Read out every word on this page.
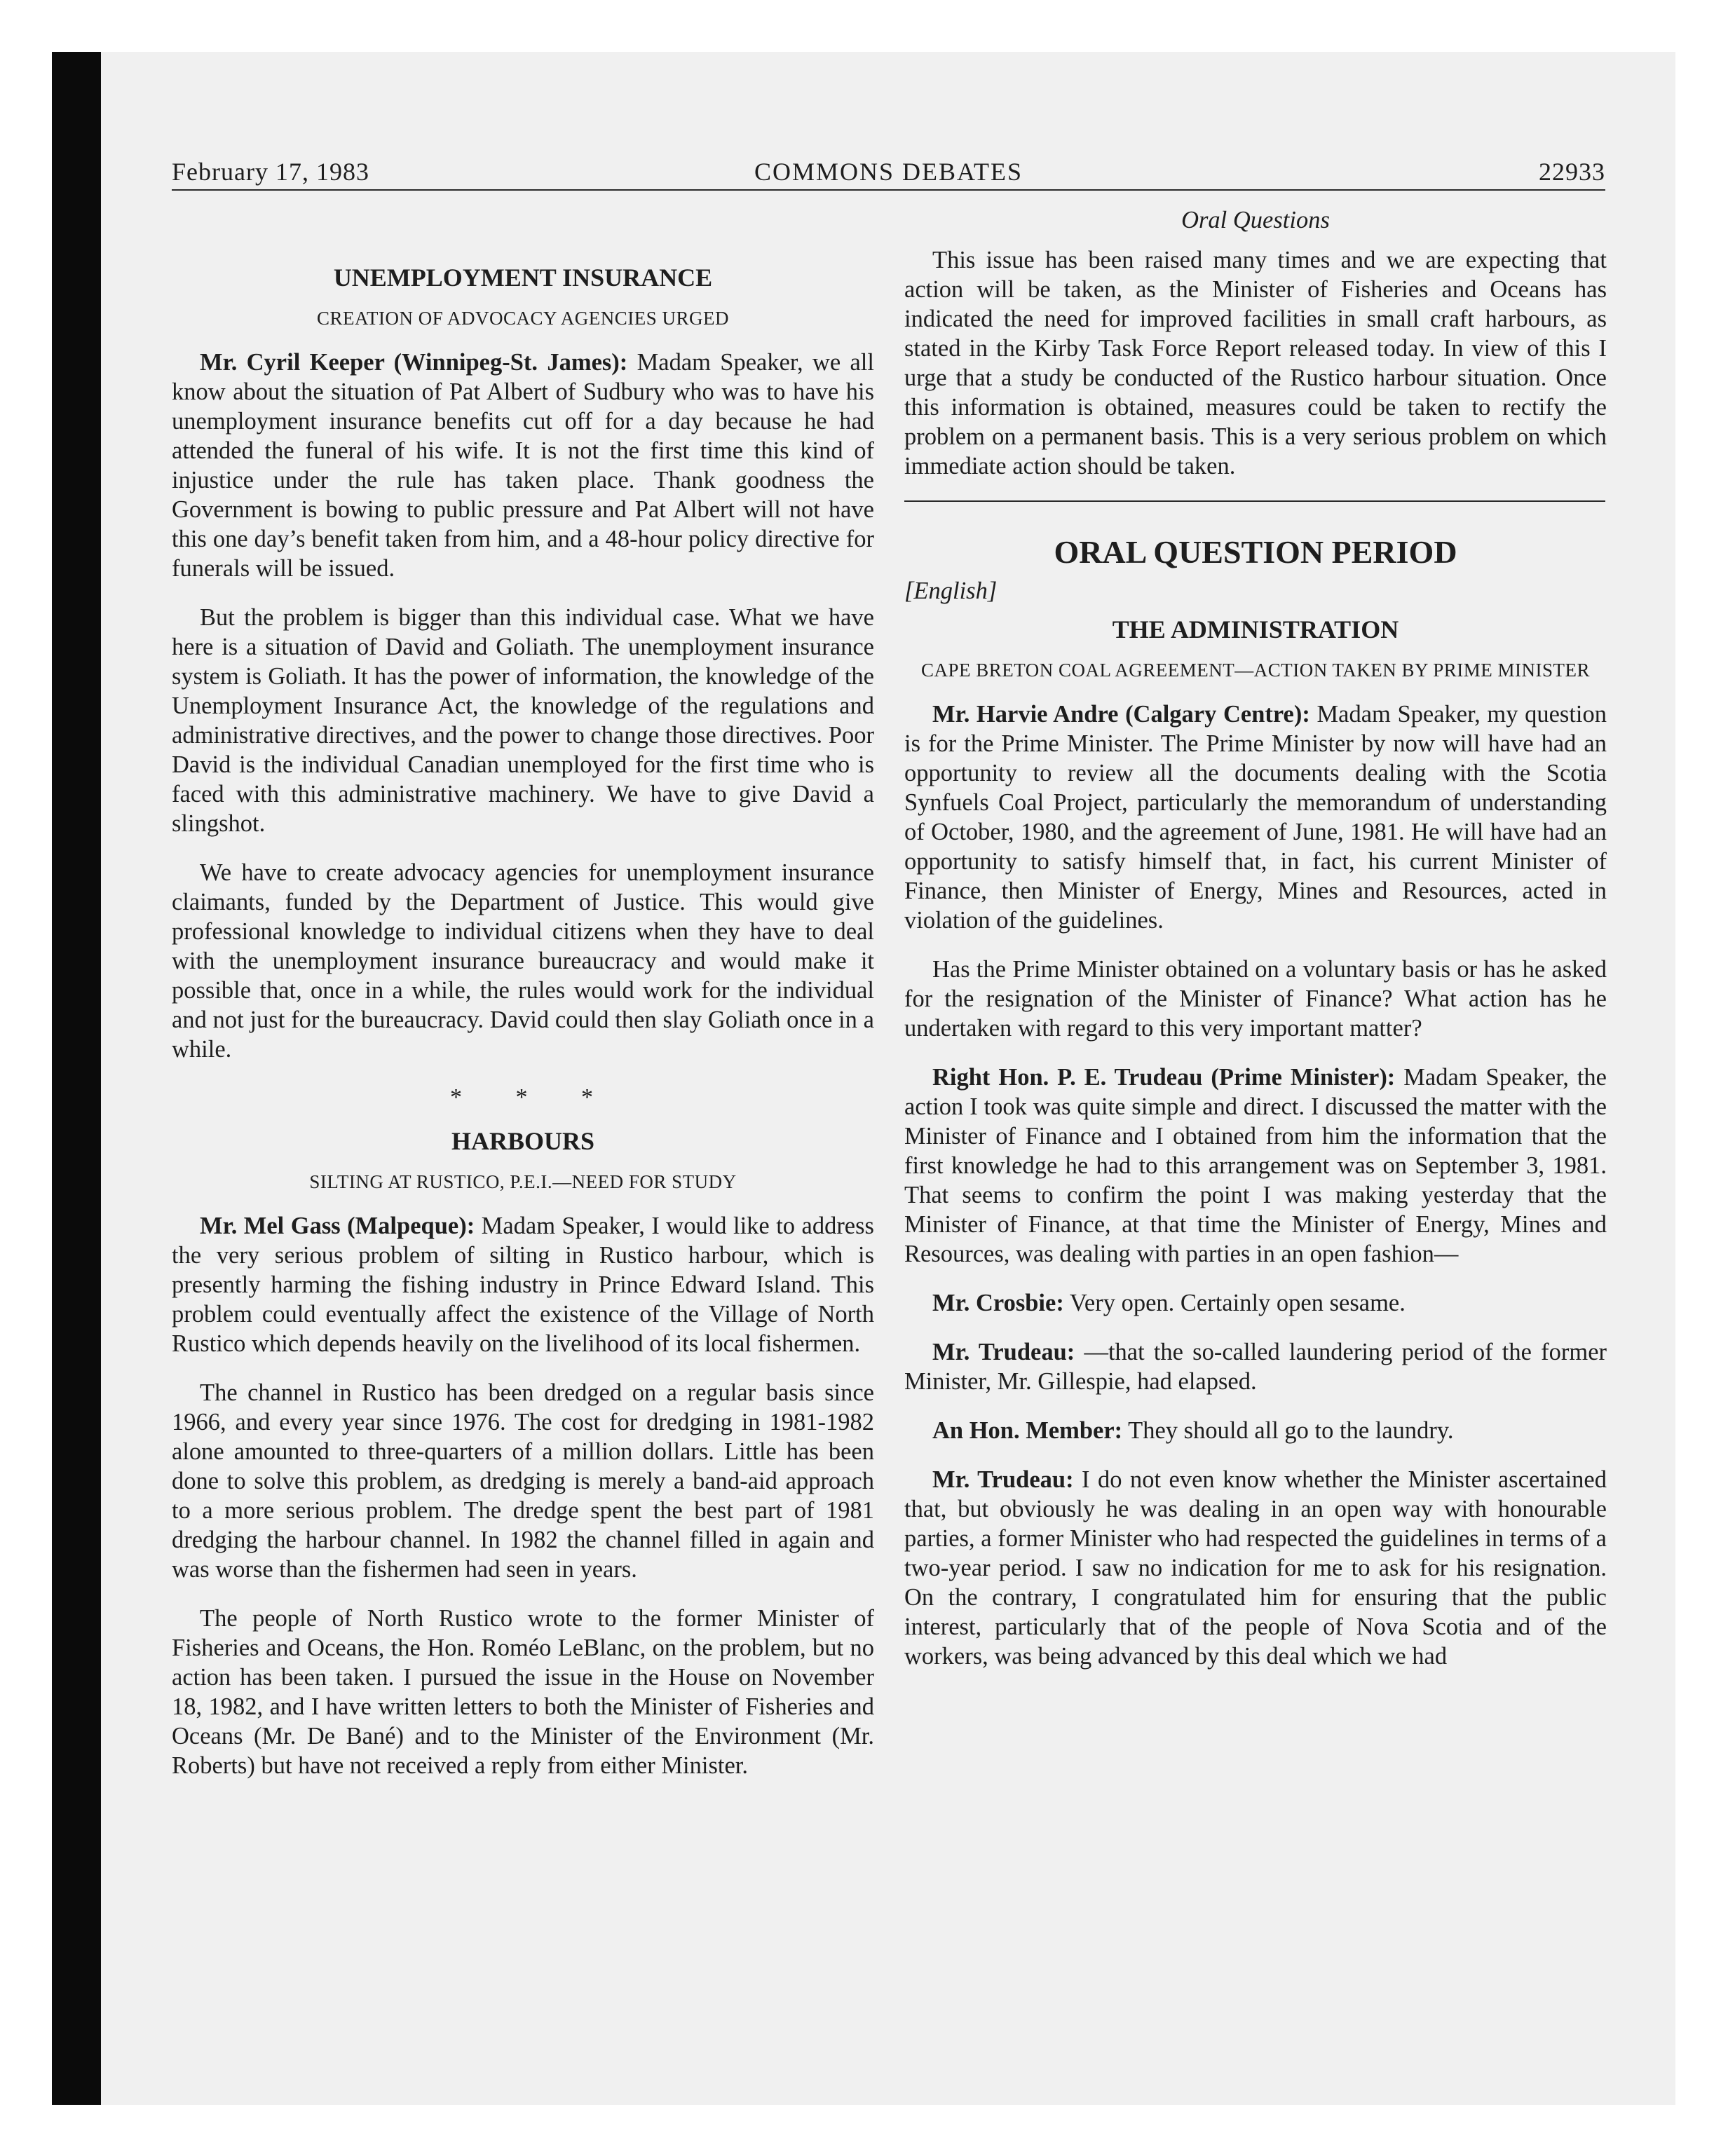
February 17, 1983	COMMONS DEBATES	22933
UNEMPLOYMENT INSURANCE
CREATION OF ADVOCACY AGENCIES URGED

Mr. Cyril Keeper (Winnipeg-St. James): Madam Speaker, we all know about the situation of Pat Albert of Sudbury who was to have his unemployment insurance benefits cut off for a day because he had attended the funeral of his wife. It is not the first time this kind of injustice under the rule has taken place. Thank goodness the Government is bowing to public pressure and Pat Albert will not have this one day’s benefit taken from him, and a 48-hour policy directive for funerals will be issued.

But the problem is bigger than this individual case. What we have here is a situation of David and Goliath. The unemployment insurance system is Goliath. It has the power of information, the knowledge of the Unemployment Insurance Act, the knowledge of the regulations and administrative directives, and the power to change those directives. Poor David is the individual Canadian unemployed for the first time who is faced with this administrative machinery. We have to give David a slingshot.

We have to create advocacy agencies for unemployment insurance claimants, funded by the Department of Justice. This would give professional knowledge to individual citizens when they have to deal with the unemployment insurance bureaucracy and would make it possible that, once in a while, the rules would work for the individual and not just for the bureaucracy. David could then slay Goliath once in a while.

* * *
HARBOURS
SILTING AT RUSTICO, P.E.I.—NEED FOR STUDY

Mr. Mel Gass (Malpeque): Madam Speaker, I would like to address the very serious problem of silting in Rustico harbour, which is presently harming the fishing industry in Prince Edward Island. This problem could eventually affect the existence of the Village of North Rustico which depends heavily on the livelihood of its local fishermen.

The channel in Rustico has been dredged on a regular basis since 1966, and every year since 1976. The cost for dredging in 1981-1982 alone amounted to three-quarters of a million dollars. Little has been done to solve this problem, as dredging is merely a band-aid approach to a more serious problem. The dredge spent the best part of 1981 dredging the harbour channel. In 1982 the channel filled in again and was worse than the fishermen had seen in years.

The people of North Rustico wrote to the former Minister of Fisheries and Oceans, the Hon. Roméo LeBlanc, on the problem, but no action has been taken. I pursued the issue in the House on November 18, 1982, and I have written letters to both the Minister of Fisheries and Oceans (Mr. De Bané) and to the Minister of the Environment (Mr. Roberts) but have not received a reply from either Minister.

Oral Questions

This issue has been raised many times and we are expecting that action will be taken, as the Minister of Fisheries and Oceans has indicated the need for improved facilities in small craft harbours, as stated in the Kirby Task Force Report released today. In view of this I urge that a study be conducted of the Rustico harbour situation. Once this information is obtained, measures could be taken to rectify the problem on a permanent basis. This is a very serious problem on which immediate action should be taken.

ORAL QUESTION PERIOD
[English]
THE ADMINISTRATION
CAPE BRETON COAL AGREEMENT—ACTION TAKEN BY PRIME MINISTER

Mr. Harvie Andre (Calgary Centre): Madam Speaker, my question is for the Prime Minister. The Prime Minister by now will have had an opportunity to review all the documents dealing with the Scotia Synfuels Coal Project, particularly the memorandum of understanding of October, 1980, and the agreement of June, 1981. He will have had an opportunity to satisfy himself that, in fact, his current Minister of Finance, then Minister of Energy, Mines and Resources, acted in violation of the guidelines.

Has the Prime Minister obtained on a voluntary basis or has he asked for the resignation of the Minister of Finance? What action has he undertaken with regard to this very important matter?

Right Hon. P. E. Trudeau (Prime Minister): Madam Speaker, the action I took was quite simple and direct. I discussed the matter with the Minister of Finance and I obtained from him the information that the first knowledge he had to this arrangement was on September 3, 1981. That seems to confirm the point I was making yesterday that the Minister of Finance, at that time the Minister of Energy, Mines and Resources, was dealing with parties in an open fashion—

Mr. Crosbie: Very open. Certainly open sesame.

Mr. Trudeau: —that the so-called laundering period of the former Minister, Mr. Gillespie, had elapsed.

An Hon. Member: They should all go to the laundry.

Mr. Trudeau: I do not even know whether the Minister ascertained that, but obviously he was dealing in an open way with honourable parties, a former Minister who had respected the guidelines in terms of a two-year period. I saw no indication for me to ask for his resignation. On the contrary, I congratulated him for ensuring that the public interest, particularly that of the people of Nova Scotia and of the workers, was being advanced by this deal which we had
